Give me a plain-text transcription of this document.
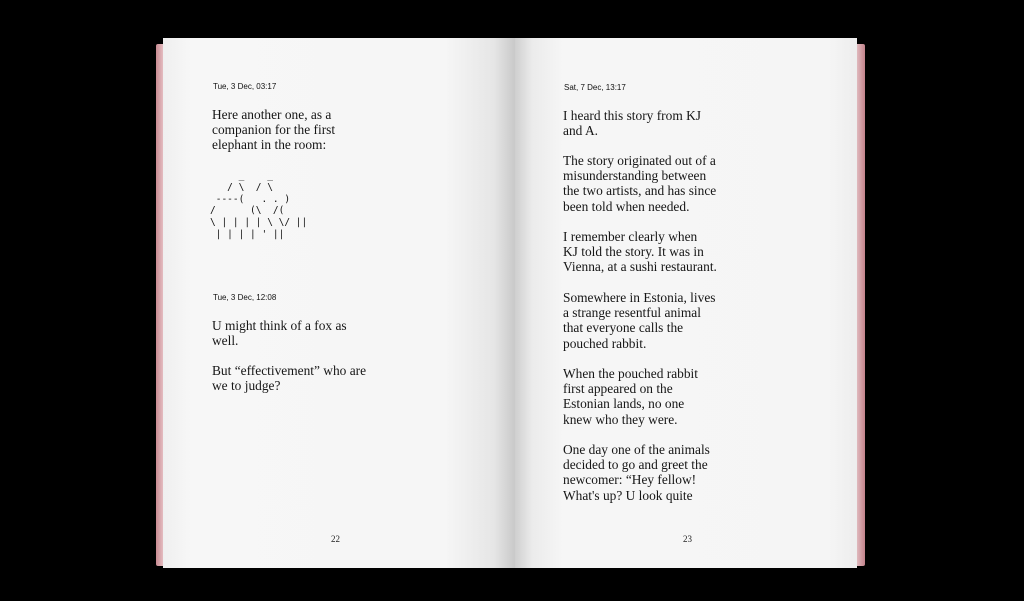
Tue, 3 Dec, 03:17
Here another one, as a
companion for the first
elephant in the room:
_    _
/ \  / \
----(   . . )
/      (\  /(
\ | | | | \ \/ ||
| | | | ' ||
Tue, 3 Dec, 12:08
U might think of a fox as
well.
But “effectivement” who are
we to judge?
22
Sat, 7 Dec, 13:17
I heard this story from KJ
and A.
The story originated out of a
misunderstanding between
the two artists, and has since
been told when needed.
I remember clearly when
KJ told the story. It was in
Vienna, at a sushi restaurant.
Somewhere in Estonia, lives
a strange resentful animal
that everyone calls the
pouched rabbit.
When the pouched rabbit
first appeared on the
Estonian lands, no one
knew who they were.
One day one of the animals
decided to go and greet the
newcomer: “Hey fellow!
What's up? U look quite
23
